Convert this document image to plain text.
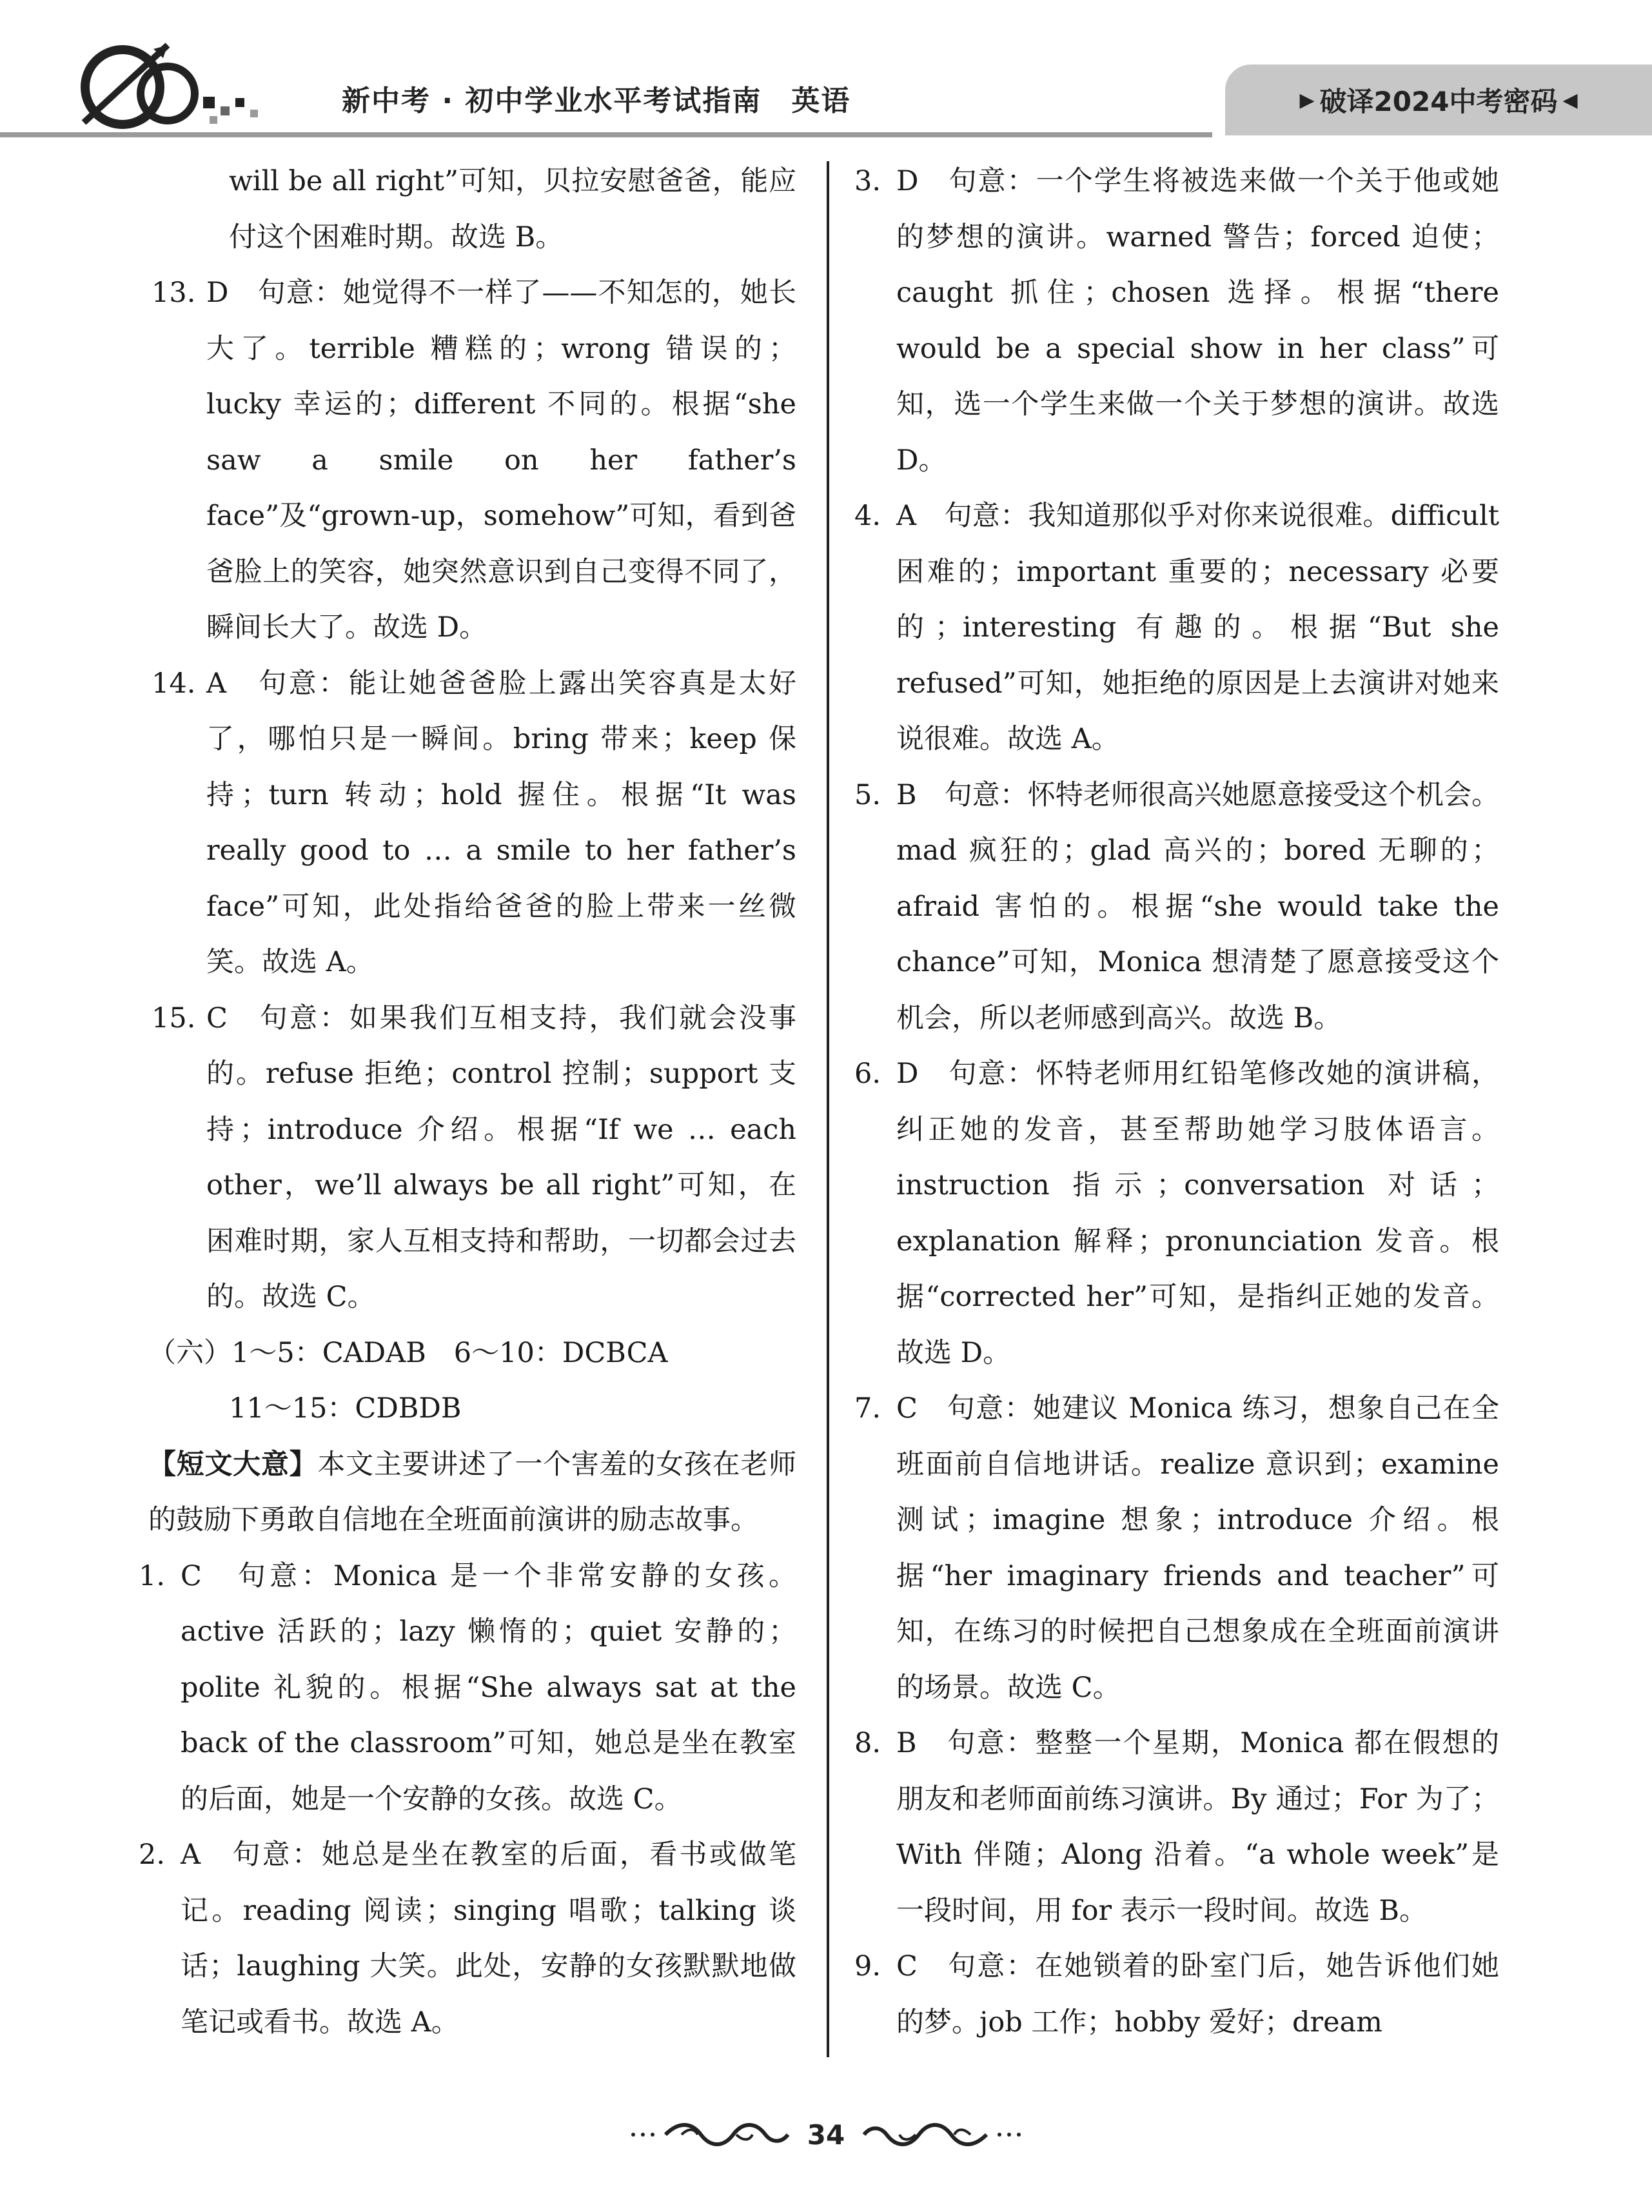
新中考 · 初中学业水平考试指南　英语	▶ 破译2024中考密码 ◀
will be all right”可知，贝拉安慰爸爸，能应付这个困难时期。故选 B。
13. D　句意：她觉得不一样了——不知怎的，她长大了。terrible 糟糕的；wrong 错误的；lucky 幸运的；different 不同的。根据“she saw a smile on her father’s face”及“grown-up，somehow”可知，看到爸爸脸上的笑容，她突然意识到自己变得不同了，瞬间长大了。故选 D。
14. A　句意：能让她爸爸脸上露出笑容真是太好了，哪怕只是一瞬间。bring 带来；keep 保持；turn 转动；hold 握住。根据“It was really good to … a smile to her father’s face”可知，此处指给爸爸的脸上带来一丝微笑。故选 A。
15. C　句意：如果我们互相支持，我们就会没事的。refuse 拒绝；control 控制；support 支持；introduce 介绍。根据“If we … each other，we’ll always be all right”可知，在困难时期，家人互相支持和帮助，一切都会过去的。故选 C。
（六）1～5：CADAB　6～10：DCBCA
11～15：CDBDB
【短文大意】本文主要讲述了一个害羞的女孩在老师的鼓励下勇敢自信地在全班面前演讲的励志故事。
1. C　句意：Monica 是一个非常安静的女孩。active 活跃的；lazy 懒惰的；quiet 安静的；polite 礼貌的。根据“She always sat at the back of the classroom”可知，她总是坐在教室的后面，她是一个安静的女孩。故选 C。
2. A　句意：她总是坐在教室的后面，看书或做笔记。reading 阅读；singing 唱歌；talking 谈话；laughing 大笑。此处，安静的女孩默默地做笔记或看书。故选 A。
3. D　句意：一个学生将被选来做一个关于他或她的梦想的演讲。warned 警告；forced 迫使；caught 抓住；chosen 选择。根据“there would be a special show in her class”可知，选一个学生来做一个关于梦想的演讲。故选 D。
4. A　句意：我知道那似乎对你来说很难。difficult 困难的；important 重要的；necessary 必要的；interesting 有趣的。根据“But she refused”可知，她拒绝的原因是上去演讲对她来说很难。故选 A。
5. B　句意：怀特老师很高兴她愿意接受这个机会。mad 疯狂的；glad 高兴的；bored 无聊的；afraid 害怕的。根据“she would take the chance”可知，Monica 想清楚了愿意接受这个机会，所以老师感到高兴。故选 B。
6. D　句意：怀特老师用红铅笔修改她的演讲稿，纠正她的发音，甚至帮助她学习肢体语言。instruction 指示；conversation 对话；explanation 解释；pronunciation 发音。根据“corrected her”可知，是指纠正她的发音。故选 D。
7. C　句意：她建议 Monica 练习，想象自己在全班面前自信地讲话。realize 意识到；examine 测试；imagine 想象；introduce 介绍。根据“her imaginary friends and teacher”可知，在练习的时候把自己想象成在全班面前演讲的场景。故选 C。
8. B　句意：整整一个星期，Monica 都在假想的朋友和老师面前练习演讲。By 通过；For 为了；With 伴随；Along 沿着。“a whole week”是一段时间，用 for 表示一段时间。故选 B。
9. C　句意：在她锁着的卧室门后，她告诉他们她的梦。job 工作；hobby 爱好；dream
34
